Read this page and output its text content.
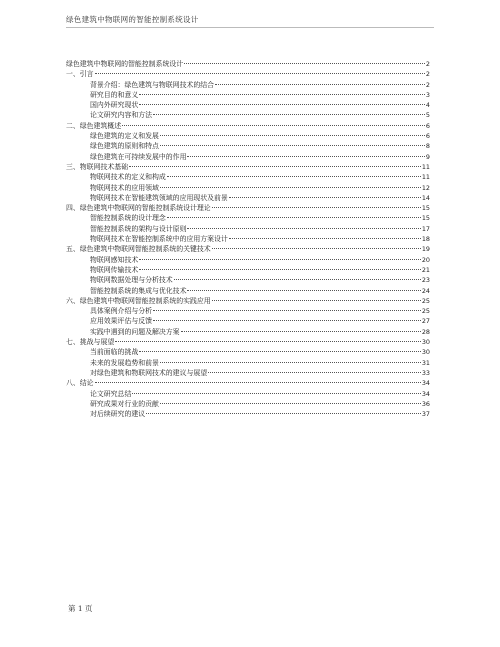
绿色建筑中物联网的智能控制系统设计
绿色建筑中物联网的智能控制系统设计	2
一、引言	2
背景介绍：绿色建筑与物联网技术的结合	2
研究目的和意义	3
国内外研究现状	4
论文研究内容和方法	5
二、绿色建筑概述	6
绿色建筑的定义和发展	6
绿色建筑的原则和特点	8
绿色建筑在可持续发展中的作用	9
三、物联网技术基础	11
物联网技术的定义和构成	11
物联网技术的应用领域	12
物联网技术在智能建筑领域的应用现状及前景	14
四、绿色建筑中物联网的智能控制系统设计理论	15
智能控制系统的设计理念	15
智能控制系统的架构与设计原则	17
物联网技术在智能控制系统中的应用方案设计	18
五、绿色建筑中物联网智能控制系统的关键技术	19
物联网感知技术	20
物联网传输技术	21
物联网数据处理与分析技术	23
智能控制系统的集成与优化技术	24
六、绿色建筑中物联网智能控制系统的实践应用	25
具体案例介绍与分析	25
应用效果评估与反馈	27
实践中遇到的问题及解决方案	28
七、挑战与展望	30
当前面临的挑战	30
未来的发展趋势和前景	31
对绿色建筑和物联网技术的建议与展望	33
八、结论	34
论文研究总结	34
研究成果对行业的贡献	36
对后续研究的建议	37
第 1 页
